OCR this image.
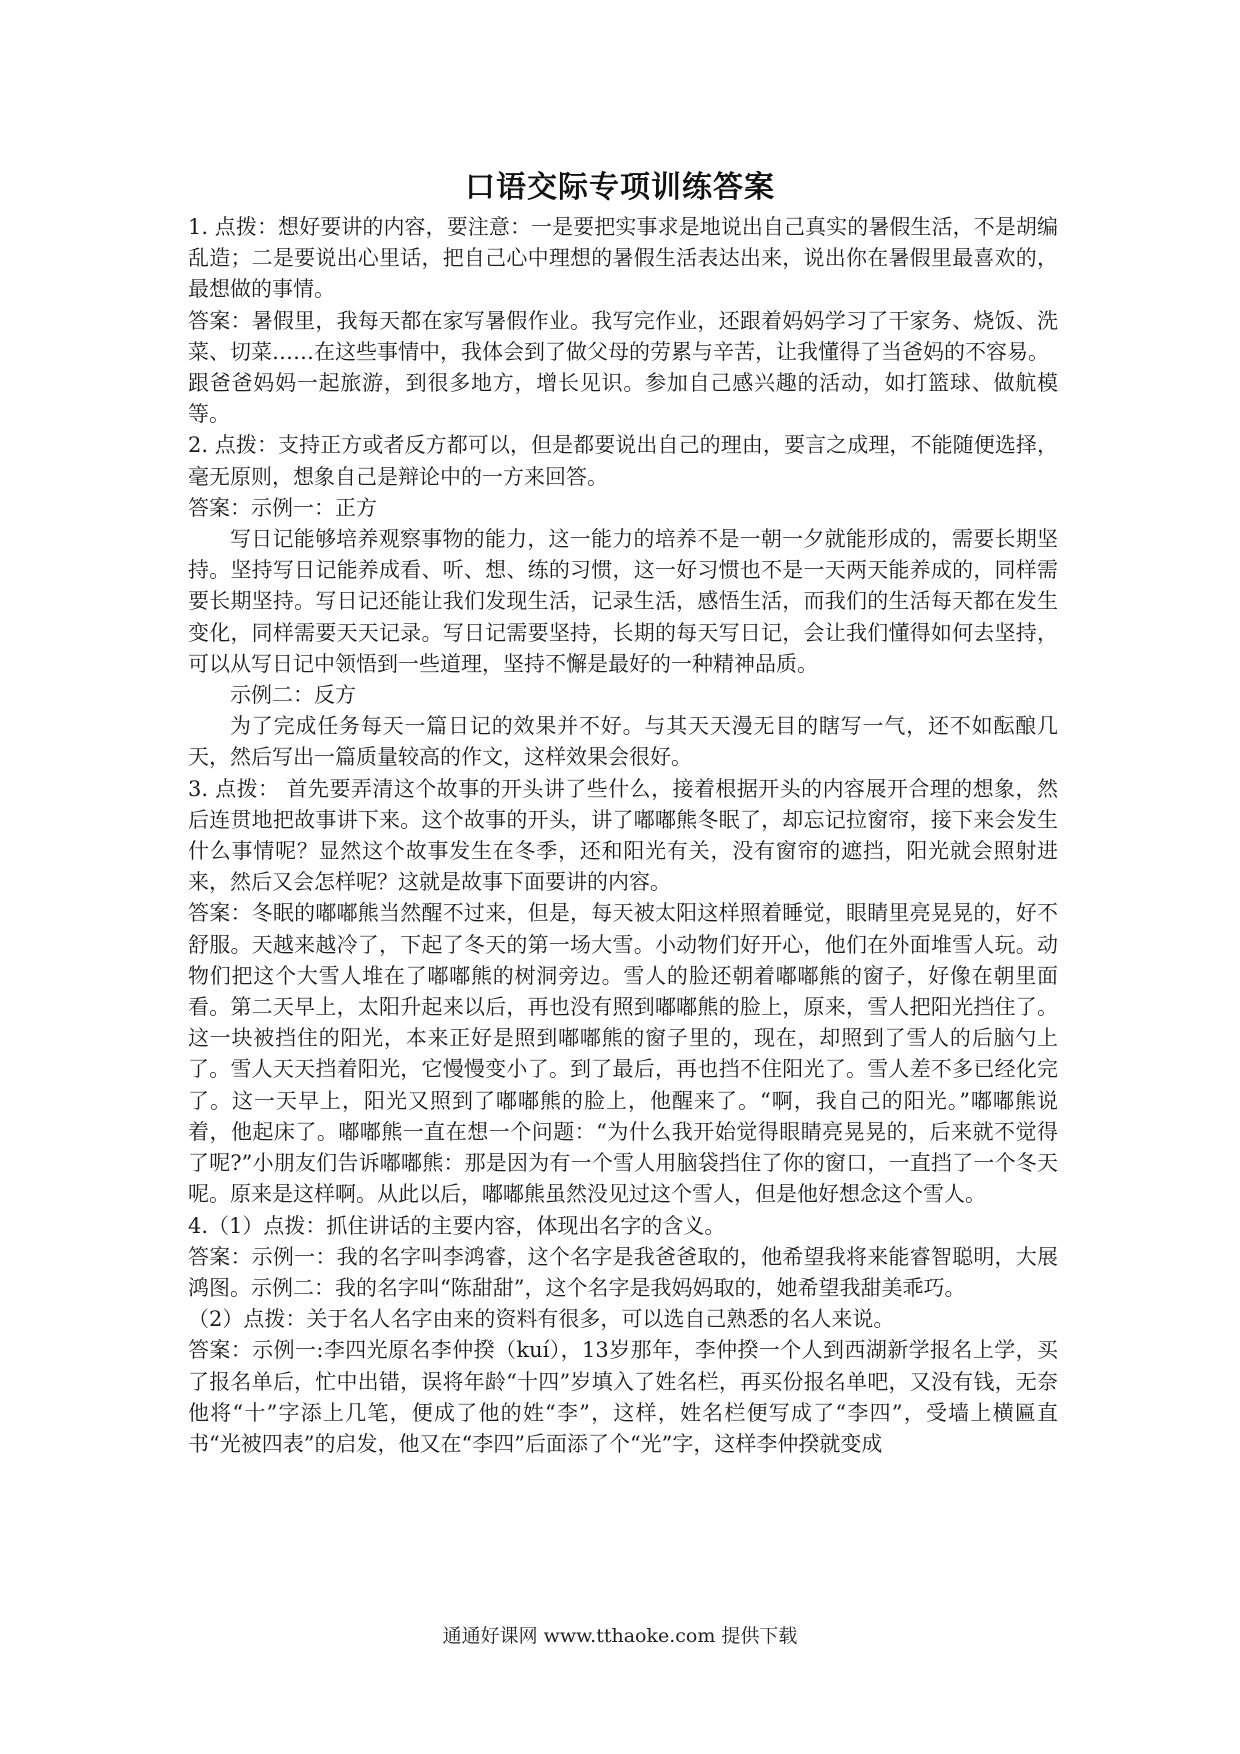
口语交际专项训练答案

1. 点拨：想好要讲的内容，要注意：一是要把实事求是地说出自己真实的暑假生活，不是胡编乱造；二是要说出心里话，把自己心中理想的暑假生活表达出来，说出你在暑假里最喜欢的，最想做的事情。

答案：暑假里，我每天都在家写暑假作业。我写完作业，还跟着妈妈学习了干家务、烧饭、洗菜、切菜……在这些事情中，我体会到了做父母的劳累与辛苦，让我懂得了当爸妈的不容易。

跟爸爸妈妈一起旅游，到很多地方，增长见识。参加自己感兴趣的活动，如打篮球、做航模等。

2. 点拨：支持正方或者反方都可以，但是都要说出自己的理由，要言之成理，不能随便选择，毫无原则，想象自己是辩论中的一方来回答。

答案：示例一：正方

写日记能够培养观察事物的能力，这一能力的培养不是一朝一夕就能形成的，需要长期坚持。坚持写日记能养成看、听、想、练的习惯，这一好习惯也不是一天两天能养成的，同样需要长期坚持。写日记还能让我们发现生活，记录生活，感悟生活，而我们的生活每天都在发生变化，同样需要天天记录。写日记需要坚持，长期的每天写日记，会让我们懂得如何去坚持，可以从写日记中领悟到一些道理，坚持不懈是最好的一种精神品质。

示例二：反方

为了完成任务每天一篇日记的效果并不好。与其天天漫无目的瞎写一气，还不如酝酿几天，然后写出一篇质量较高的作文，这样效果会很好。

3. 点拨： 首先要弄清这个故事的开头讲了些什么，接着根据开头的内容展开合理的想象，然后连贯地把故事讲下来。这个故事的开头，讲了嘟嘟熊冬眠了，却忘记拉窗帘，接下来会发生什么事情呢？显然这个故事发生在冬季，还和阳光有关，没有窗帘的遮挡，阳光就会照射进来，然后又会怎样呢？这就是故事下面要讲的内容。

答案：冬眠的嘟嘟熊当然醒不过来，但是，每天被太阳这样照着睡觉，眼睛里亮晃晃的，好不舒服。天越来越冷了，下起了冬天的第一场大雪。小动物们好开心，他们在外面堆雪人玩。动物们把这个大雪人堆在了嘟嘟熊的树洞旁边。雪人的脸还朝着嘟嘟熊的窗子，好像在朝里面看。第二天早上，太阳升起来以后，再也没有照到嘟嘟熊的脸上，原来，雪人把阳光挡住了。这一块被挡住的阳光，本来正好是照到嘟嘟熊的窗子里的，现在，却照到了雪人的后脑勺上了。雪人天天挡着阳光，它慢慢变小了。到了最后，再也挡不住阳光了。雪人差不多已经化完了。这一天早上，阳光又照到了嘟嘟熊的脸上，他醒来了。“啊，我自己的阳光。”嘟嘟熊说着，他起床了。嘟嘟熊一直在想一个问题：“为什么我开始觉得眼睛亮晃晃的，后来就不觉得了呢?”小朋友们告诉嘟嘟熊：那是因为有一个雪人用脑袋挡住了你的窗口，一直挡了一个冬天呢。原来是这样啊。从此以后，嘟嘟熊虽然没见过这个雪人，但是他好想念这个雪人。

4.（1）点拨：抓住讲话的主要内容，体现出名字的含义。

答案：示例一：我的名字叫李鸿睿，这个名字是我爸爸取的，他希望我将来能睿智聪明，大展鸿图。示例二：我的名字叫“陈甜甜”，这个名字是我妈妈取的，她希望我甜美乖巧。

（2）点拨：关于名人名字由来的资料有很多，可以选自己熟悉的名人来说。

答案：示例一:李四光原名李仲揆（kuí），13岁那年，李仲揆一个人到西湖新学报名上学，买了报名单后，忙中出错，误将年龄“十四”岁填入了姓名栏，再买份报名单吧，又没有钱，无奈他将“十”字添上几笔，便成了他的姓“李”，这样，姓名栏便写成了“李四”，受墙上横匾直书“光被四表”的启发，他又在“李四”后面添了个“光”字，这样李仲揆就变成

通通好课网 www.tthaoke.com 提供下载
